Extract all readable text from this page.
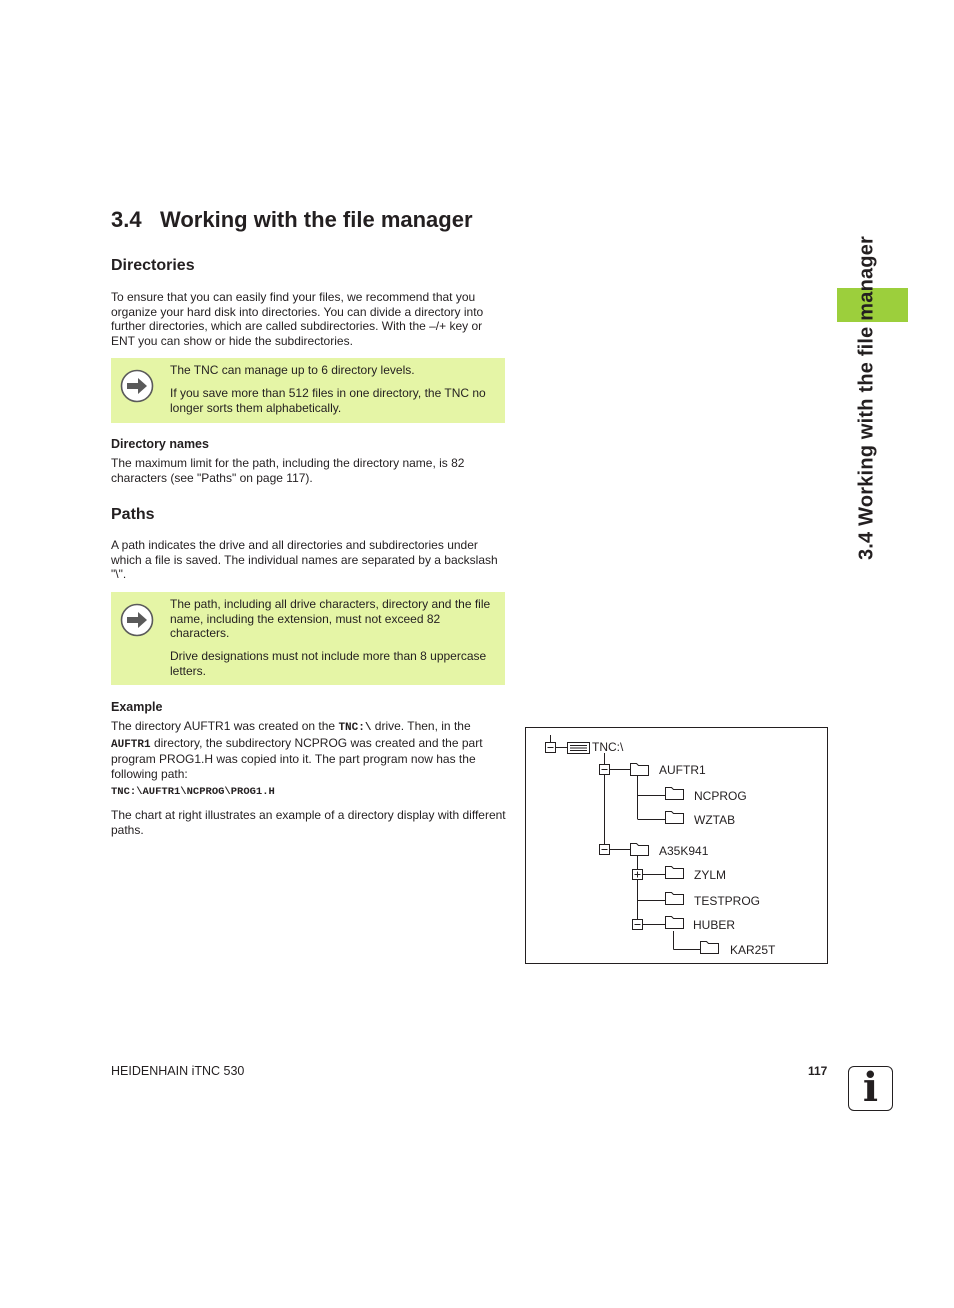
3.4 Working with the file manager
Directories

To ensure that you can easily find your files, we recommend that you organize your hard disk into directories. You can divide a directory into further directories, which are called subdirectories. With the –/+ key or ENT you can show or hide the subdirectories.

The TNC can manage up to 6 directory levels.

If you save more than 512 files in one directory, the TNC no longer sorts them alphabetically.

Directory names

The maximum limit for the path, including the directory name, is 82 characters (see "Paths" on page 117).

Paths

A path indicates the drive and all directories and subdirectories under which a file is saved. The individual names are separated by a backslash "\".

The path, including all drive characters, directory and the file name, including the extension, must not exceed 82 characters.

Drive designations must not include more than 8 uppercase letters.

Example

The directory AUFTR1 was created on the TNC:\ drive. Then, in the AUFTR1 directory, the subdirectory NCPROG was created and the part program PROG1.H was copied into it. The part program now has the following path:

TNC:\AUFTR1\NCPROG\PROG1.H

The chart at right illustrates an example of a directory display with different paths.

TNC:\
AUFTR1
NCPROG
WZTAB
A35K941
ZYLM
TESTPROG
HUBER
KAR25T
3.4 Working with the file manager
HEIDENHAIN iTNC 530	117 i
